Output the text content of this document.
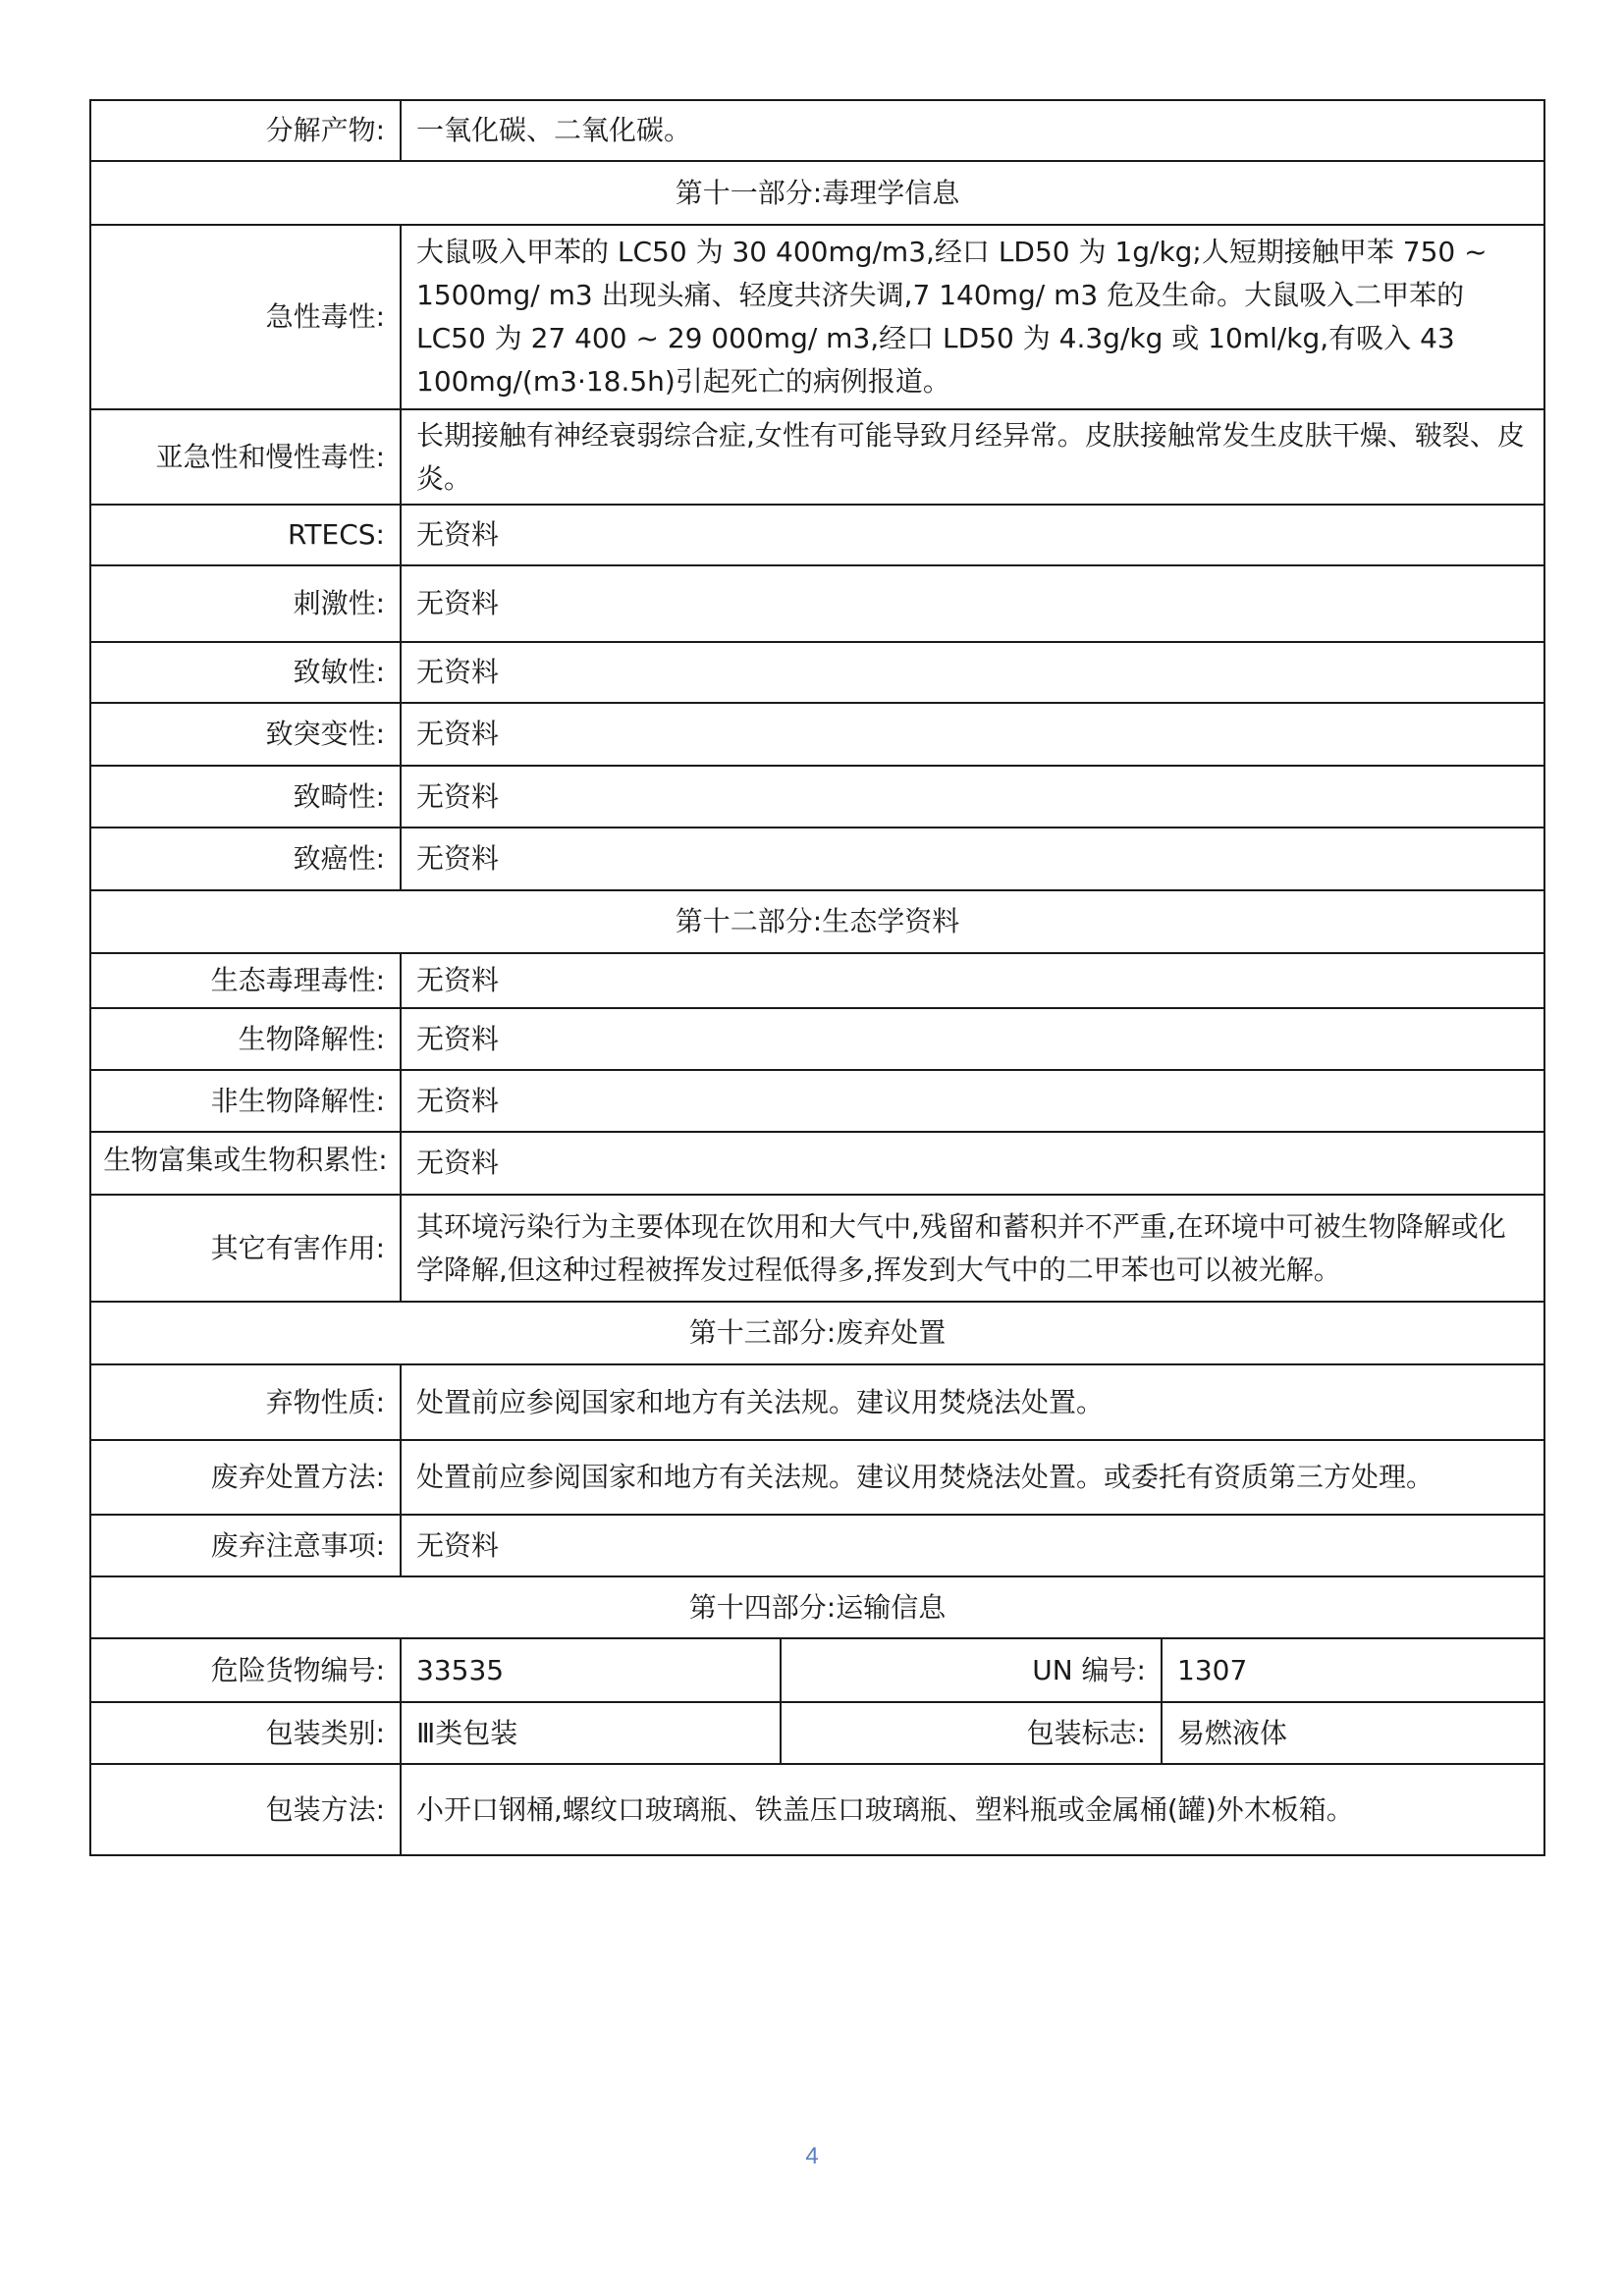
分解产物:	一氧化碳、二氧化碳。		
第十一部分:毒理学信息			
急性毒性:	大鼠吸入甲苯的 LC50 为 30 400mg/m3,经口 LD50 为 1g/kg;人短期接触甲苯 750 ~ 1500mg/ m3 出现头痛、轻度共济失调,7 140mg/ m3 危及生命。大鼠吸入二甲苯的 LC50 为 27 400 ~ 29 000mg/ m3,经口 LD50 为 4.3g/kg 或 10ml/kg,有吸入 43 100mg/(m3·18.5h)引起死亡的病例报道。		
亚急性和慢性毒性:	长期接触有神经衰弱综合症,女性有可能导致月经异常。皮肤接触常发生皮肤干燥、皲裂、皮炎。		
RTECS:	无资料		
刺激性:	无资料		
致敏性:	无资料		
致突变性:	无资料		
致畸性:	无资料		
致癌性:	无资料		
第十二部分:生态学资料			
生态毒理毒性:	无资料		
生物降解性:	无资料		
非生物降解性:	无资料		
生物富集或生物积累性:	无资料		
其它有害作用:	其环境污染行为主要体现在饮用和大气中,残留和蓄积并不严重,在环境中可被生物降解或化学降解,但这种过程被挥发过程低得多,挥发到大气中的二甲苯也可以被光解。		
第十三部分:废弃处置			
弃物性质:	处置前应参阅国家和地方有关法规。建议用焚烧法处置。		
废弃处置方法:	处置前应参阅国家和地方有关法规。建议用焚烧法处置。或委托有资质第三方处理。		
废弃注意事项:	无资料		
第十四部分:运输信息			
危险货物编号:	33535	UN 编号:	1307
包装类别:	Ⅲ类包装	包装标志:	易燃液体
包装方法:	小开口钢桶,螺纹口玻璃瓶、铁盖压口玻璃瓶、塑料瓶或金属桶(罐)外木板箱。		
4
